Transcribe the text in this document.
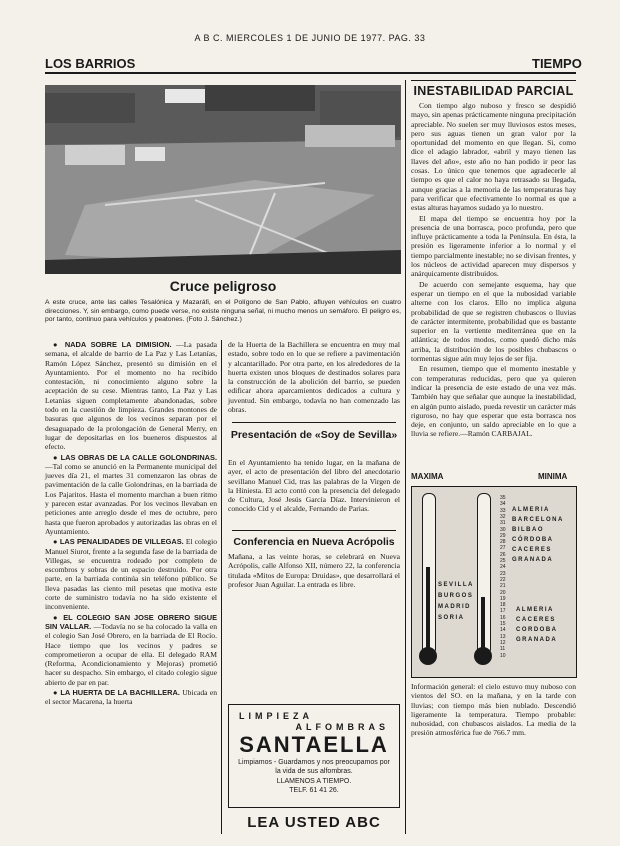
A B C. MIERCOLES 1 DE JUNIO DE 1977. PAG. 33
LOS BARRIOS	TIEMPO
Cruce peligroso
A este cruce, ante las calles Tesalónica y Mazaráfi, en el Polígono de San Pablo, afluyen vehículos en cuatro direcciones. Y, sin embargo, como puede verse, no existe ninguna señal, ni mucho menos un semáforo. El peligro es, por tanto, continuo para vehículos y peatones. (Foto J. Sánchez.)

● NADA SOBRE LA DIMISION. —La pasada semana, el alcalde de barrio de La Paz y Las Letanías, Ramón López Sánchez, presentó su dimisión en el Ayuntamiento. Por el momento no ha recibido contestación, ni conocimiento alguno sobre la aceptación de su cese. Mientras tanto, La Paz y Las Letanías siguen completamente abandonadas, sobre todo en la cuestión de limpieza. Grandes montones de basuras que algunos de los vecinos separan por el desaguapado de la prolongación de General Merry, en lugar de depositarlas en los bueneros dispuestos al efecto.

● LAS OBRAS DE LA CALLE GOLONDRINAS. —Tal como se anunció en la Permanente municipal del jueves día 21, el martes 31 comenzaron las obras de pavimentación de la calle Golondrinas, en la barriada de Los Pajaritos. Hasta el momento marchan a buen ritmo y parecen estar avanzadas. Por los vecinos llevaban en peticiones ante arreglo desde el mes de octubre, pero hasta que fueron aprobados y autorizadas las obras en el Ayuntamiento.

● LAS PENALIDADES DE VILLEGAS. El colegio Manuel Siurot, frente a la segunda fase de la barriada de Villegas, se encuentra rodeado por completo de escombros y sobras de un espacio destruido. Por otra parte, en la barriada continúa sin teléfono público. Se lleva pasadas las ciento mil pesetas que motiva este corte de suministro todavía no ha sido existente el inconveniente.

● EL COLEGIO SAN JOSE OBRERO SIGUE SIN VALLAR. —Todavía no se ha colocado la valla en el colegio San José Obrero, en la barriada de El Rocío. Hace tiempo que los vecinos y padres se comprometieron a ocupar de ella. El delegado RAM (Reforma, Acondicionamiento y Mejoras) prometió hacer su despacho. Sin embargo, el citado colegio sigue abierto de par en par.

● LA HUERTA DE LA BACHILLERA. Ubicada en el sector Macarena, la huerta

de la Huerta de la Bachillera se encuentra en muy mal estado, sobre todo en lo que se refiere a pavimentación y alcantarillado. Por otra parte, en los alrededores de la huerta existen unos bloques de destinados solares para la construcción de la abolición del barrio, se pueden edificar ahora aparcamientos dedicados a cultura y juventud. Sin embargo, todavía no han comenzado las obras.
Presentación de «Soy de Sevilla»
En el Ayuntamiento ha tenido lugar, en la mañana de ayer, el acto de presentación del libro del anecdotario sevillano Manuel Cid, tras las palabras de la Virgen de la Hiniesta. El acto contó con la presencia del delegado de Cultura, José Jesús García Díaz. Intervinieron el conocido Cid y el alcalde, Fernando de Parias.
Conferencia en Nueva Acrópolis
Mañana, a las veinte horas, se celebrará en Nueva Acrópolis, calle Alfonso XII, número 22, la conferencia titulada «Mitos de Europa: Druidas», que desarrollará el profesor Juan Aguilar. La entrada es libre.
LIMPIEZA
ALFOMBRAS
SANTAELLA
Limpiamos - Guardamos y nos preocupamos por la vida de sus alfombras.
LLAMENOS A TIEMPO.
TELF. 61 41 26.
LEA USTED ABC
INESTABILIDAD PARCIAL

Con tiempo algo nuboso y fresco se despidió mayo, sin apenas prácticamente ninguna precipitación apreciable. No suelen ser muy lluviosos estos meses, pero sus aguas tienen un gran valor por la oportunidad del momento en que llegan. Si, como dice el adagio labrador, «abril y mayo tienen las llaves del año», este año no han podido ir peor las cosas. Lo único que tenemos que agradecerle al tiempo es que el calor no haya retrasado su llegada, aunque gracias a la memoria de las temperaturas hay para verificar que efectivamente lo normal es que a estas alturas hayamos sudado ya lo nuestro.

El mapa del tiempo se encuentra hoy por la presencia de una borrasca, poco profunda, pero que influye prácticamente a toda la Península. En ésta, la presión es ligeramente inferior a lo normal y el tiempo parcialmente inestable; no se divisan frentes, y los núcleos de actividad aparecen muy dispersos y anárquicamente distribuidos.

De acuerdo con semejante esquema, hay que esperar un tiempo en el que la nubosidad variable alterne con los claros. Ello no implica alguna probabilidad de que se registren chubascos o lluvias de carácter intermitente, probabilidad que es bastante superior en la vertiente mediterránea que en la atlántica; de todos modos, como quedó dicho más arriba, la distribución de los posibles chubascos o tormentas sigue aún muy lejos de ser fija.

En resumen, tiempo que el momento inestable y con temperaturas reducidas, pero que ya quieren indicar la presencia de este estado de una vez más. También hay que señalar que aunque la inestabilidad, en algún punto aislado, pueda revestir un carácter más riguroso, no hay que esperar que esta borrasca nos deje, en conjunto, un saldo apreciable en lo que a lluvia se refiere.—Ramón CARBAJAL.

MAXIMA	MINIMA
35
34
33
32
31
30
29
28
27
26
25
24
23
22
21
20
19
18
17
16
15
14
13
12
11
10
ALMERIA
BARCELONA
BILBAO
CÓRDOBA
CACERES
GRANADA
SEVILLA
BURGOS
MADRID
SORIA
ALMERIA
CACERES
CORDOBA
GRANADA
Información general: el cielo estuvo muy nuboso con vientos del SO. en la mañana, y en la tarde con lluvias; con tiempo más bien nublado. Descendió ligeramente la temperatura. Tiempo probable: nubosidad, con chubascos aislados. La media de la presión atmosférica fue de 766.7 mm.
